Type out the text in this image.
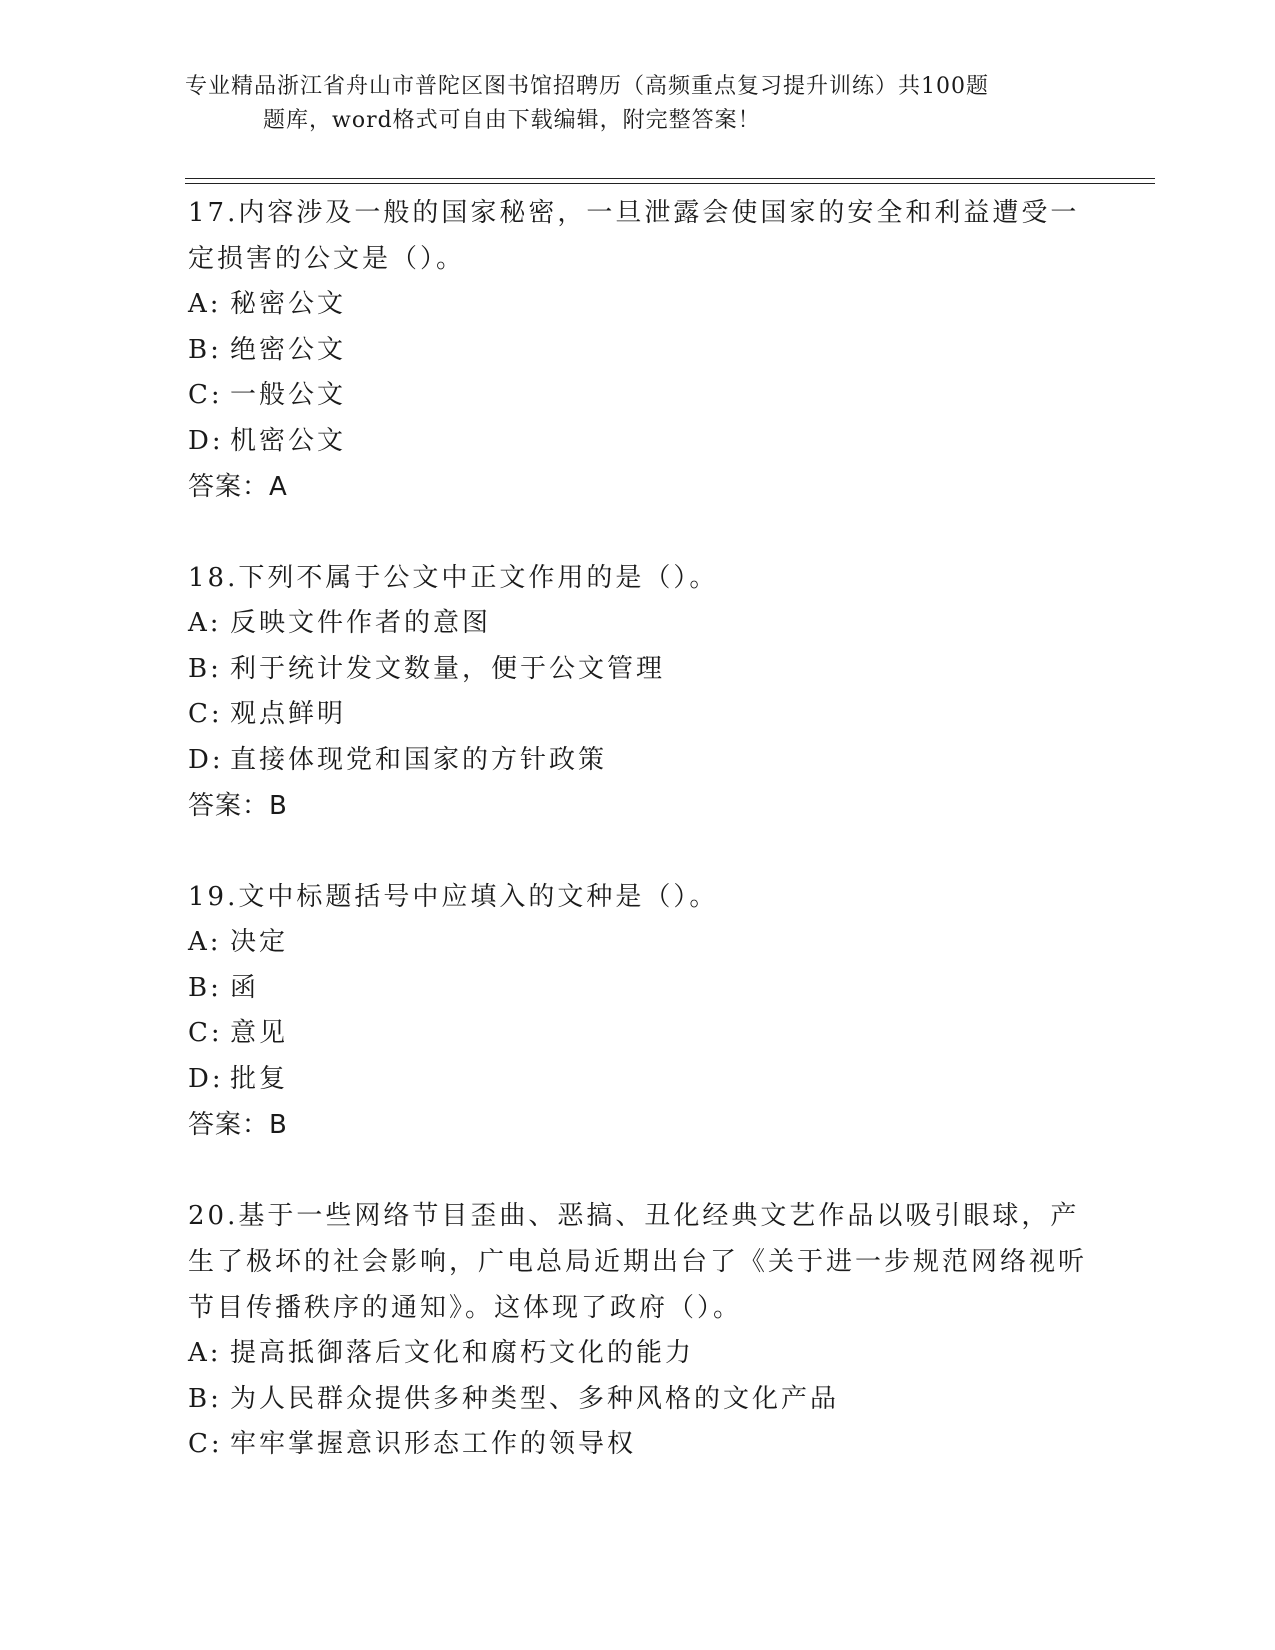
专业精品浙江省舟山市普陀区图书馆招聘历（高频重点复习提升训练）共100题
题库，word格式可自由下载编辑，附完整答案！

17.内容涉及一般的国家秘密，一旦泄露会使国家的安全和利益遭受一定损害的公文是（）。

A: 秘密公文
B: 绝密公文
C: 一般公文
D: 机密公文
答案：A

18.下列不属于公文中正文作用的是（）。

A: 反映文件作者的意图
B: 利于统计发文数量，便于公文管理
C: 观点鲜明
D: 直接体现党和国家的方针政策
答案：B

19.文中标题括号中应填入的文种是（）。

A: 决定
B: 函
C: 意见
D: 批复
答案：B

20.基于一些网络节目歪曲、恶搞、丑化经典文艺作品以吸引眼球，产生了极坏的社会影响，广电总局近期出台了《关于进一步规范网络视听节目传播秩序的通知》。这体现了政府（）。

A: 提高抵御落后文化和腐朽文化的能力
B: 为人民群众提供多种类型、多种风格的文化产品
C: 牢牢掌握意识形态工作的领导权
